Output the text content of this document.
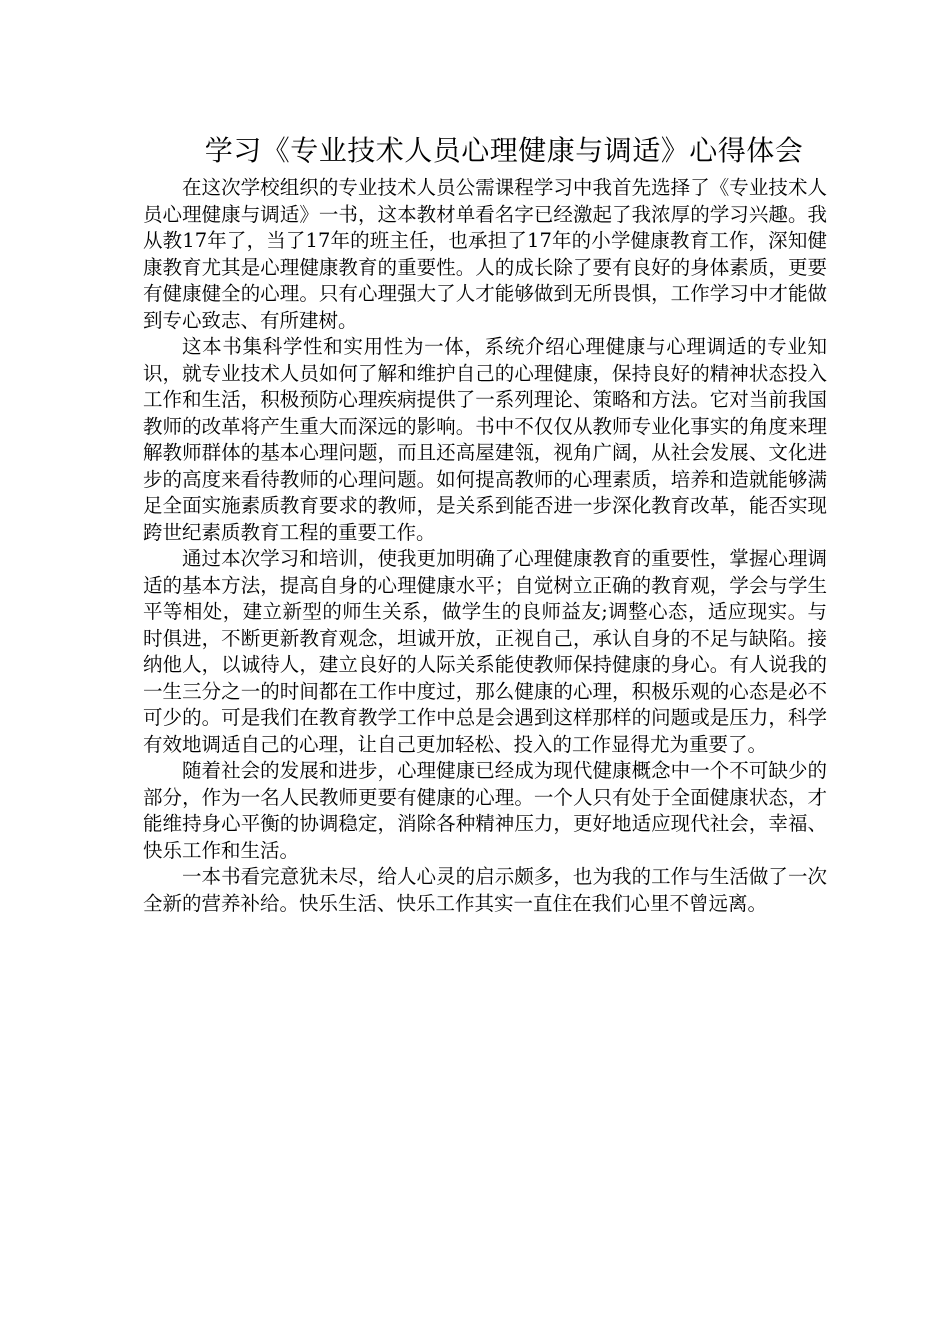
学习《专业技术人员心理健康与调适》心得体会

在这次学校组织的专业技术人员公需课程学习中我首先选择了《专业技术人员心理健康与调适》一书，这本教材单看名字已经激起了我浓厚的学习兴趣。我从教17年了，当了17年的班主任，也承担了17年的小学健康教育工作，深知健康教育尤其是心理健康教育的重要性。人的成长除了要有良好的身体素质，更要有健康健全的心理。只有心理强大了人才能够做到无所畏惧，工作学习中才能做到专心致志、有所建树。

这本书集科学性和实用性为一体，系统介绍心理健康与心理调适的专业知识，就专业技术人员如何了解和维护自己的心理健康，保持良好的精神状态投入工作和生活，积极预防心理疾病提供了一系列理论、策略和方法。它对当前我国教师的改革将产生重大而深远的影响。书中不仅仅从教师专业化事实的角度来理解教师群体的基本心理问题，而且还高屋建瓴，视角广阔，从社会发展、文化进步的高度来看待教师的心理问题。如何提高教师的心理素质，培养和造就能够满足全面实施素质教育要求的教师，是关系到能否进一步深化教育改革，能否实现跨世纪素质教育工程的重要工作。

通过本次学习和培训，使我更加明确了心理健康教育的重要性，掌握心理调适的基本方法，提高自身的心理健康水平；自觉树立正确的教育观，学会与学生平等相处，建立新型的师生关系，做学生的良师益友;调整心态，适应现实。与时俱进，不断更新教育观念，坦诚开放，正视自己，承认自身的不足与缺陷。接纳他人，以诚待人，建立良好的人际关系能使教师保持健康的身心。有人说我的一生三分之一的时间都在工作中度过，那么健康的心理，积极乐观的心态是必不可少的。可是我们在教育教学工作中总是会遇到这样那样的问题或是压力，科学有效地调适自己的心理，让自己更加轻松、投入的工作显得尤为重要了。

随着社会的发展和进步，心理健康已经成为现代健康概念中一个不可缺少的部分，作为一名人民教师更要有健康的心理。一个人只有处于全面健康状态，才能维持身心平衡的协调稳定，消除各种精神压力，更好地适应现代社会，幸福、快乐工作和生活。

一本书看完意犹未尽，给人心灵的启示颇多，也为我的工作与生活做了一次全新的营养补给。快乐生活、快乐工作其实一直住在我们心里不曾远离。
